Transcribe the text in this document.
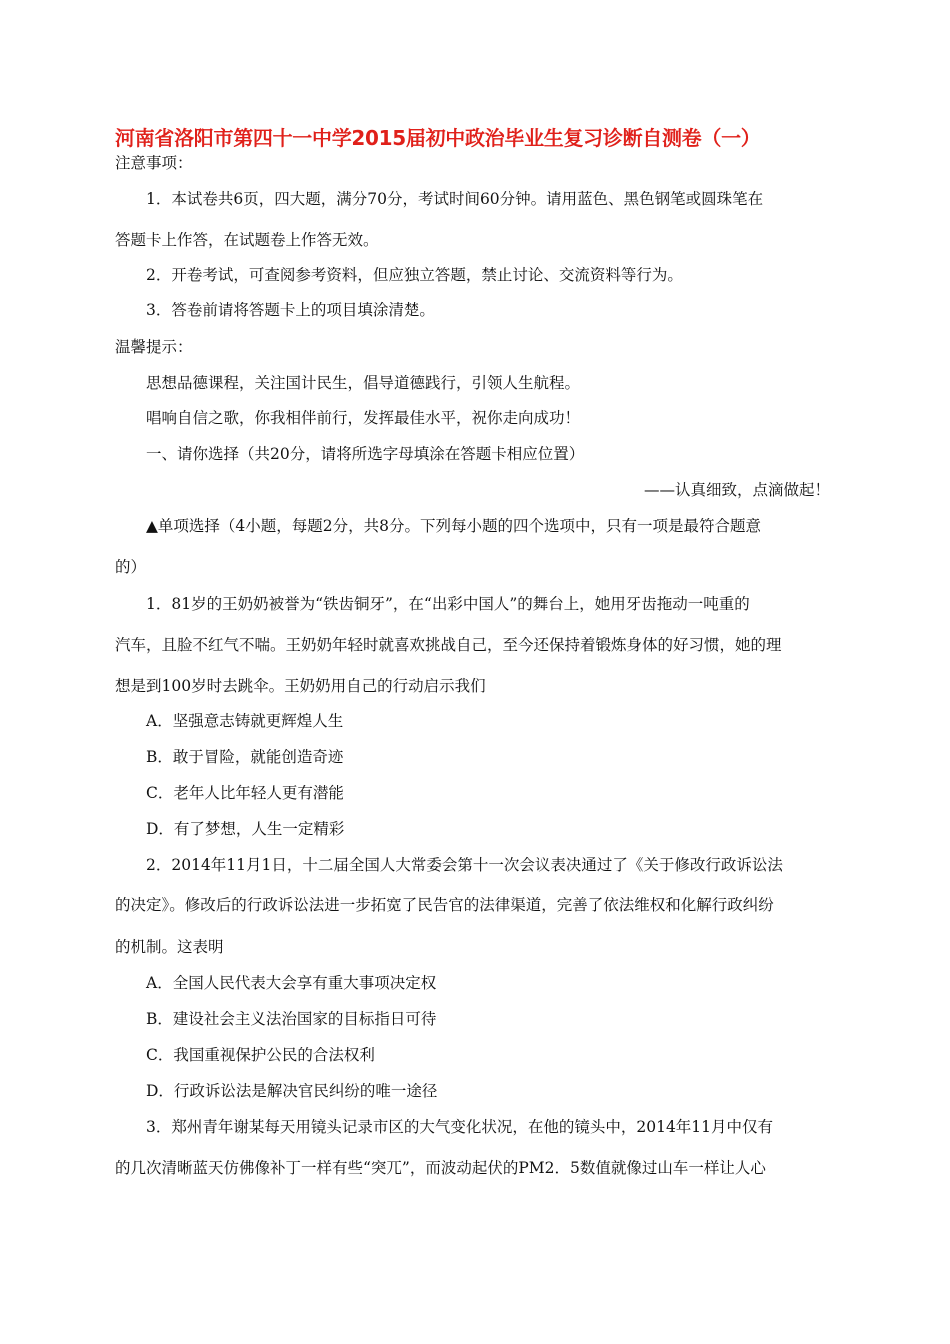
河南省洛阳市第四十一中学2015届初中政治毕业生复习诊断自测卷（一）
注意事项：
1．本试卷共6页，四大题，满分70分，考试时间60分钟。请用蓝色、黑色钢笔或圆珠笔在
答题卡上作答，在试题卷上作答无效。
2．开卷考试，可查阅参考资料，但应独立答题，禁止讨论、交流资料等行为。
3．答卷前请将答题卡上的项目填涂清楚。
温馨提示：
思想品德课程，关注国计民生，倡导道德践行，引领人生航程。
唱响自信之歌，你我相伴前行，发挥最佳水平，祝你走向成功！
一、请你选择（共20分，请将所选字母填涂在答题卡相应位置）
——认真细致，点滴做起！
▲单项选择（4小题，每题2分，共8分。下列每小题的四个选项中，只有一项是最符合题意
的）
1．81岁的王奶奶被誉为“铁齿铜牙”，在“出彩中国人”的舞台上，她用牙齿拖动一吨重的
汽车，且脸不红气不喘。王奶奶年轻时就喜欢挑战自己，至今还保持着锻炼身体的好习惯，她的理
想是到100岁时去跳伞。王奶奶用自己的行动启示我们
A．坚强意志铸就更辉煌人生
B．敢于冒险，就能创造奇迹
C．老年人比年轻人更有潜能
D．有了梦想，人生一定精彩
2．2014年11月1日，十二届全国人大常委会第十一次会议表决通过了《关于修改行政诉讼法
的决定》。修改后的行政诉讼法进一步拓宽了民告官的法律渠道，完善了依法维权和化解行政纠纷
的机制。这表明
A．全国人民代表大会享有重大事项决定权
B．建设社会主义法治国家的目标指日可待
C．我国重视保护公民的合法权利
D．行政诉讼法是解决官民纠纷的唯一途径
3．郑州青年谢某每天用镜头记录市区的大气变化状况，在他的镜头中，2014年11月中仅有
的几次清晰蓝天仿佛像补丁一样有些“突兀”，而波动起伏的PM2．5数值就像过山车一样让人心
